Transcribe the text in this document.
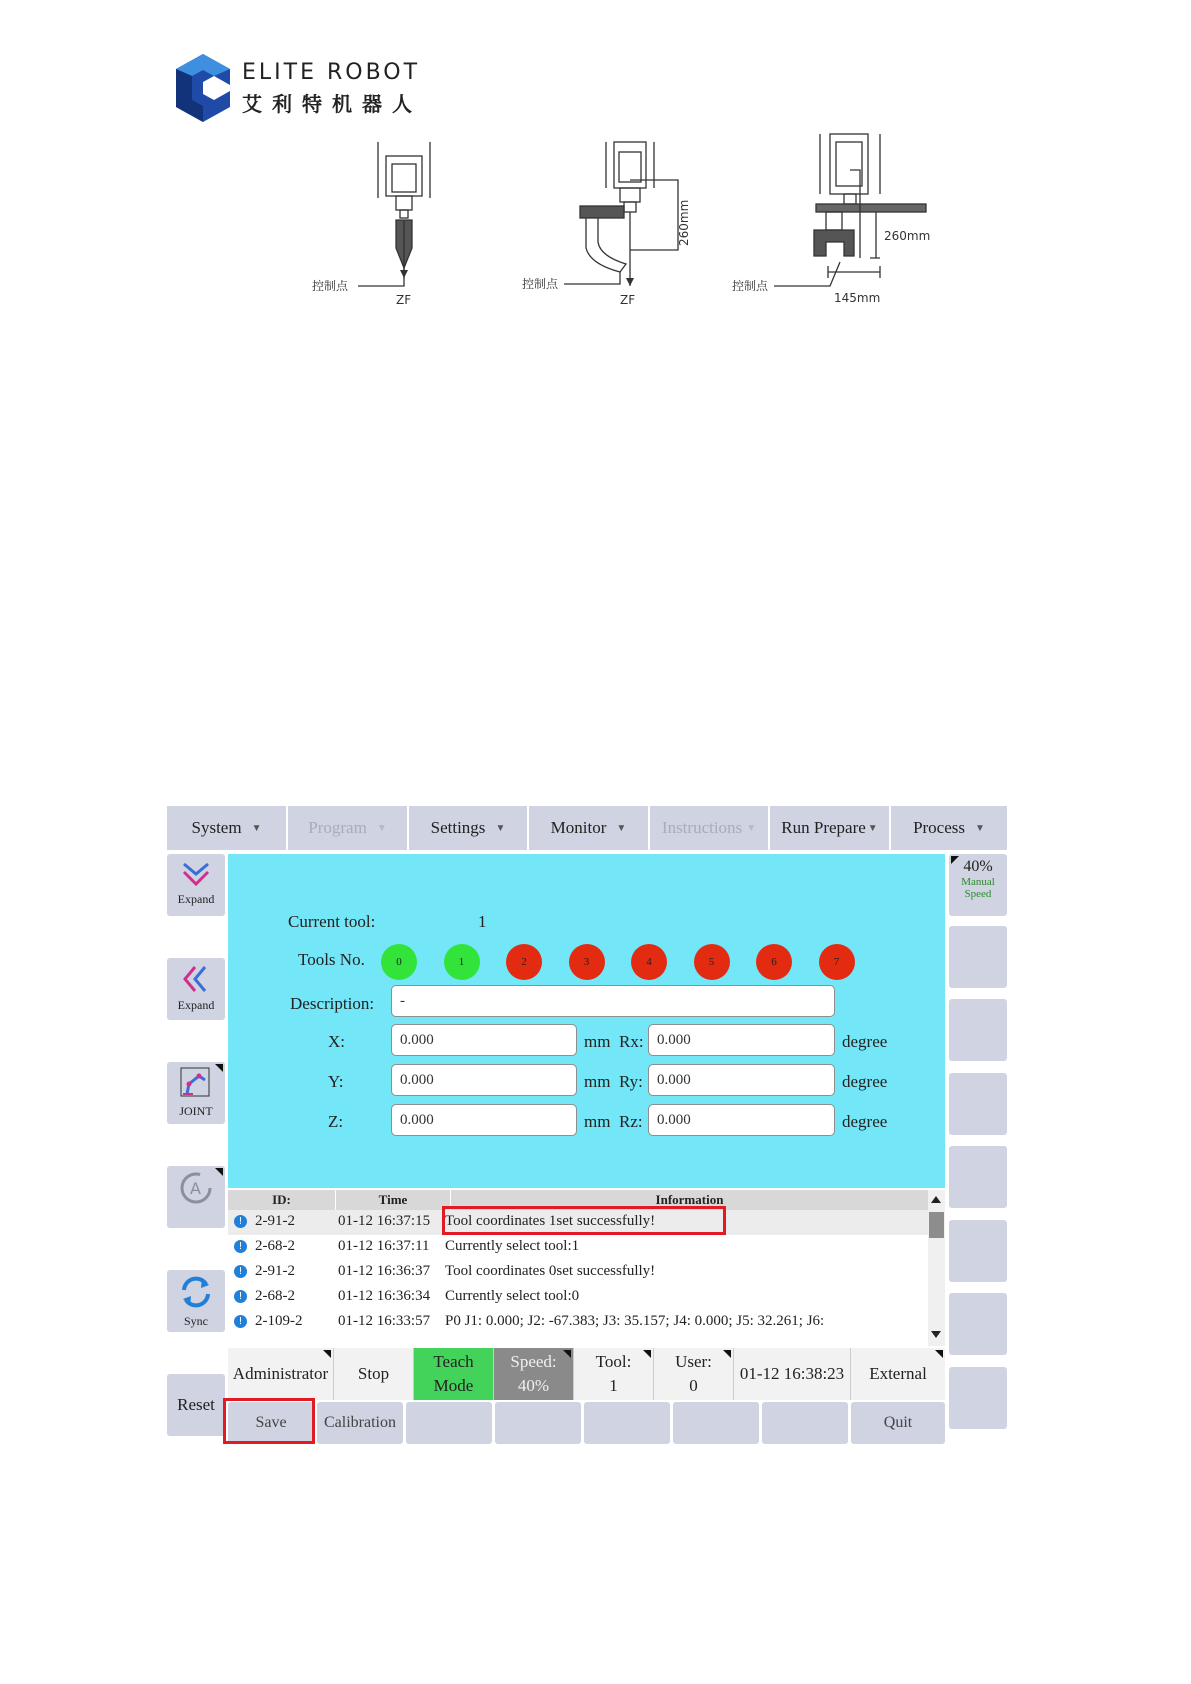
ELITE ROBOT
艾利特机器人
控制点
ZF
260mm
控制点
ZF
260mm
145mm
控制点
System ▼	Program ▼	Settings ▼	Monitor ▼ Instructions ▼ Run Prepare ▼ Process ▼
Expand
Expand
JOINT
A
Sync
Reset
40%
Manual
Speed
Current tool:	1
Tools No.	0	1	2	3	4	5	6	7
Description:	-
X:	0.000	mm Rx: 0.000	degree
Y:	0.000	mm Ry: 0.000	degree
Z:	0.000	mm Rz: 0.000	degree
ID:	Time	Information
! 2-91-2	01-12 16:37:15 Tool coordinates 1set successfully!
! 2-68-2	01-12 16:37:11 Currently select tool:1
! 2-91-2	01-12 16:36:37 Tool coordinates 0set successfully!
! 2-68-2	01-12 16:36:34 Currently select tool:0
! 2-109-2 01-12 16:33:57 P0 J1: 0.000; J2: -67.383; J3: 35.157; J4: 0.000; J5: 32.261; J6:
Administrator Stop
Teach
Mode
Speed:
40%
Tool:
1
User:
0
01-12 16:38:23 External
Save Calibration	Quit
